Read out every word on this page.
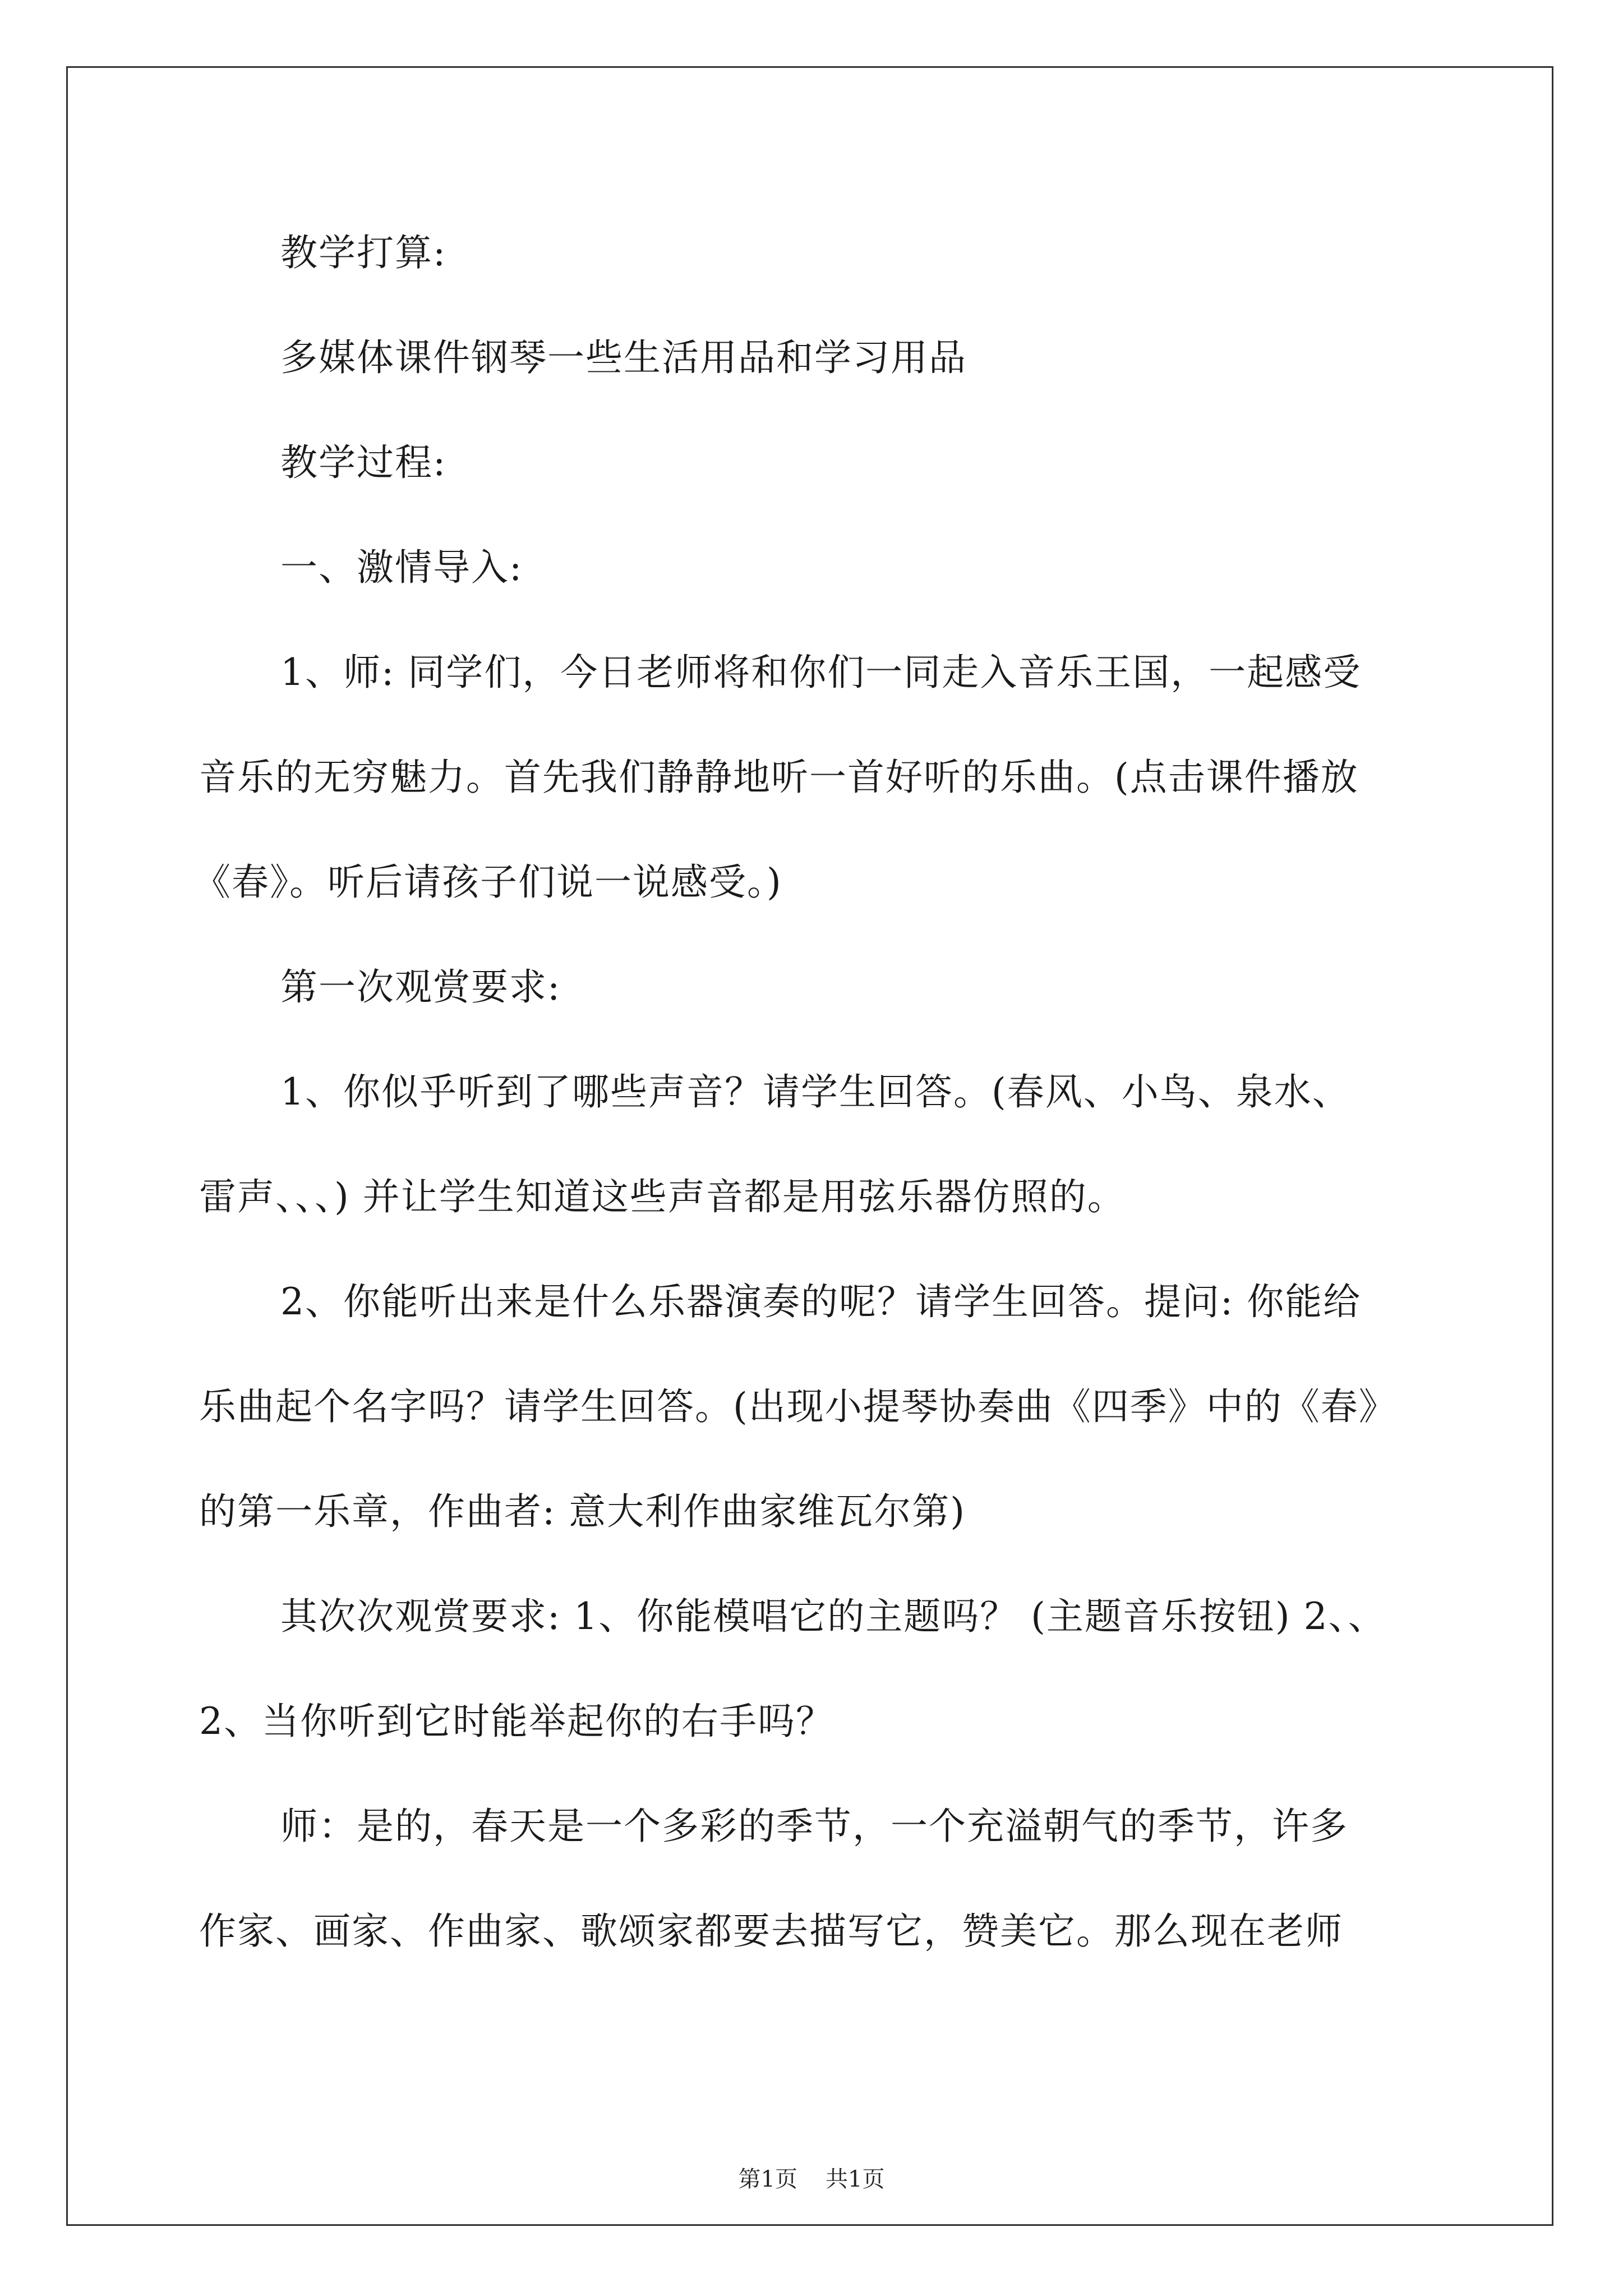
教学打算:
多媒体课件钢琴一些生活用品和学习用品
教学过程:
一、激情导入:
1、师: 同学们，今日老师将和你们一同走入音乐王国，一起感受
音乐的无穷魅力。首先我们静静地听一首好听的乐曲。(点击课件播放
《春》。听后请孩子们说一说感受。)
第一次观赏要求:
1、你似乎听到了哪些声音？请学生回答。(春风、小鸟、泉水、
雷声、、、) 并让学生知道这些声音都是用弦乐器仿照的。
2、你能听出来是什么乐器演奏的呢？请学生回答。提问: 你能给
乐曲起个名字吗？请学生回答。(出现小提琴协奏曲《四季》中的《春》
的第一乐章，作曲者: 意大利作曲家维瓦尔第)
其次次观赏要求: 1、你能模唱它的主题吗？ (主题音乐按钮) 2、、
2、当你听到它时能举起你的右手吗？
师：是的，春天是一个多彩的季节，一个充溢朝气的季节，许多
作家、画家、作曲家、歌颂家都要去描写它，赞美它。那么现在老师
第1页 共1页
